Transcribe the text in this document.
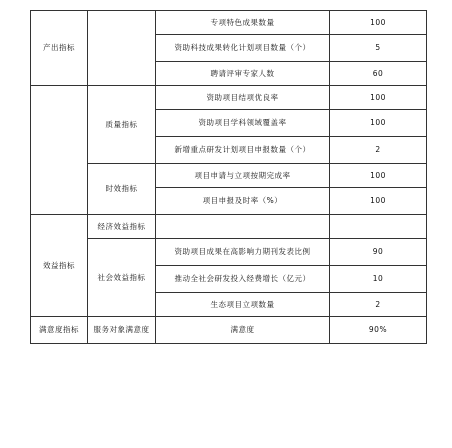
产出指标		专项特色成果数量	100
		资助科技成果转化计划项目数量（个）	5
		聘请评审专家人数	60
	质量指标	资助项目结项优良率	100
		资助项目学科领域覆盖率	100
		新增重点研发计划项目申报数量（个）	2
	时效指标	项目申请与立项按期完成率	100
		项目申报及时率（%）	100
效益指标	经济效益指标		
	社会效益指标	资助项目成果在高影响力期刊发表比例	90
		推动全社会研发投入经费增长（亿元）	10
		生态项目立项数量	2
满意度指标	服务对象满意度	满意度	90%
